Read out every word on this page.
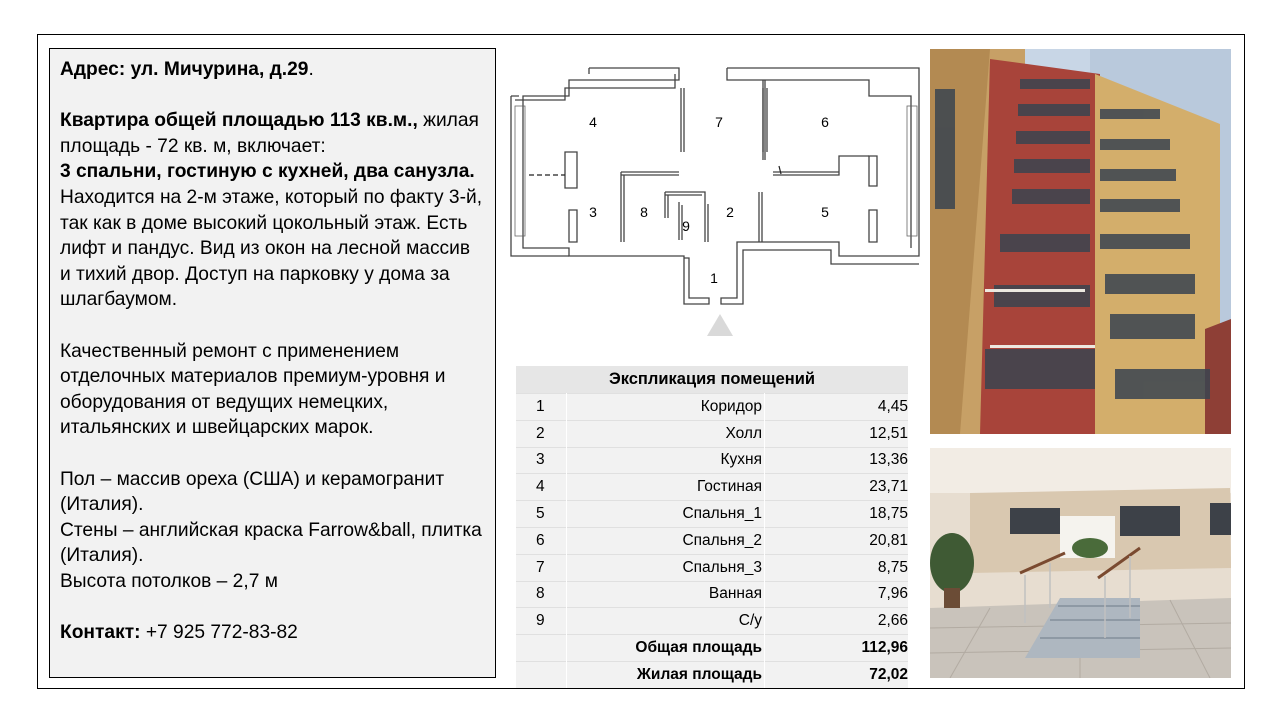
Адрес: ул. Мичурина, д.29.

Квартира общей площадью 113 кв.м., жилая площадь - 72 кв. м, включает:
3 спальни, гостиную с кухней, два санузла. Находится на 2-м этаже, который по факту 3-й, так как в доме высокий цокольный этаж. Есть лифт и пандус. Вид из окон на лесной массив и тихий двор. Доступ на парковку у дома за шлагбаумом.

Качественный ремонт с применением отделочных материалов премиум-уровня и оборудования от ведущих немецких, итальянских и швейцарских марок.

Пол – массив ореха (США) и керамогранит (Италия).

Стены – английская краска Farrow&ball, плитка (Италия).

Высота потолков – 2,7 м

Контакт: +7 925 772-83-82

4	7	6
3	8	2	5
9
1
Экспликация помещений		
1	Коридор	4,45
2	Холл	12,51
3	Кухня	13,36
4	Гостиная	23,71
5	Спальня_1	18,75
6	Спальня_2	20,81
7	Спальня_3	8,75
8	Ванная	7,96
9	С/у	2,66
	Общая площадь	112,96
	Жилая площадь	72,02
